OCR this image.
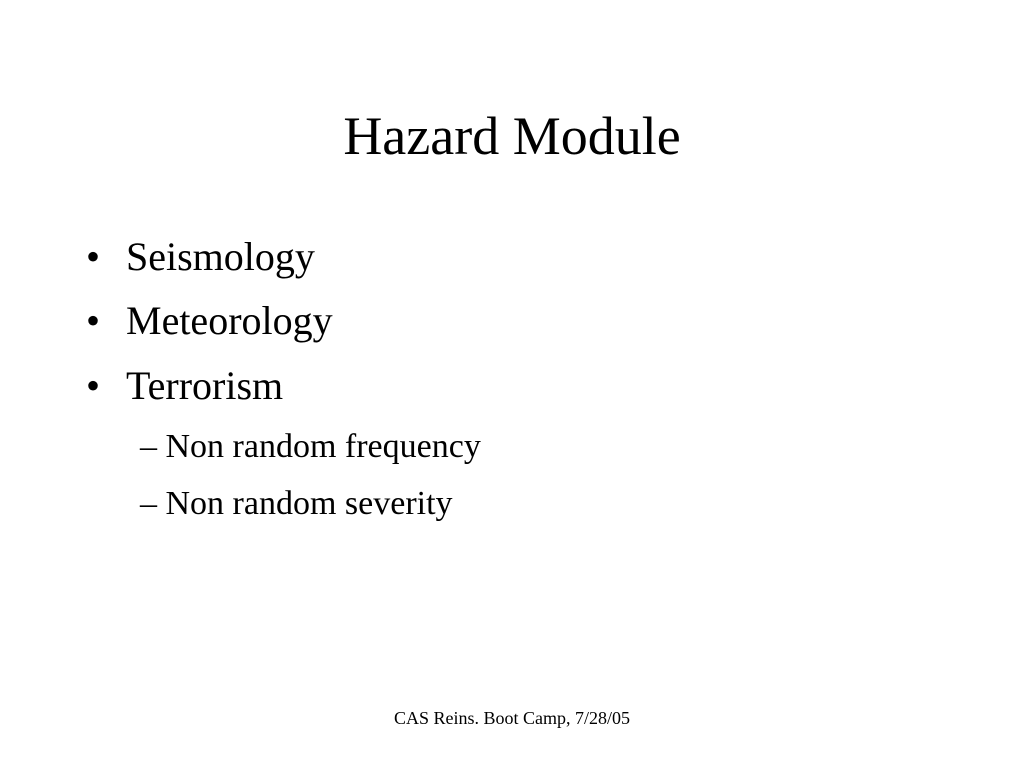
Hazard Module
• Seismology
• Meteorology
• Terrorism
– Non random frequency
– Non random severity
CAS Reins. Boot Camp, 7/28/05
